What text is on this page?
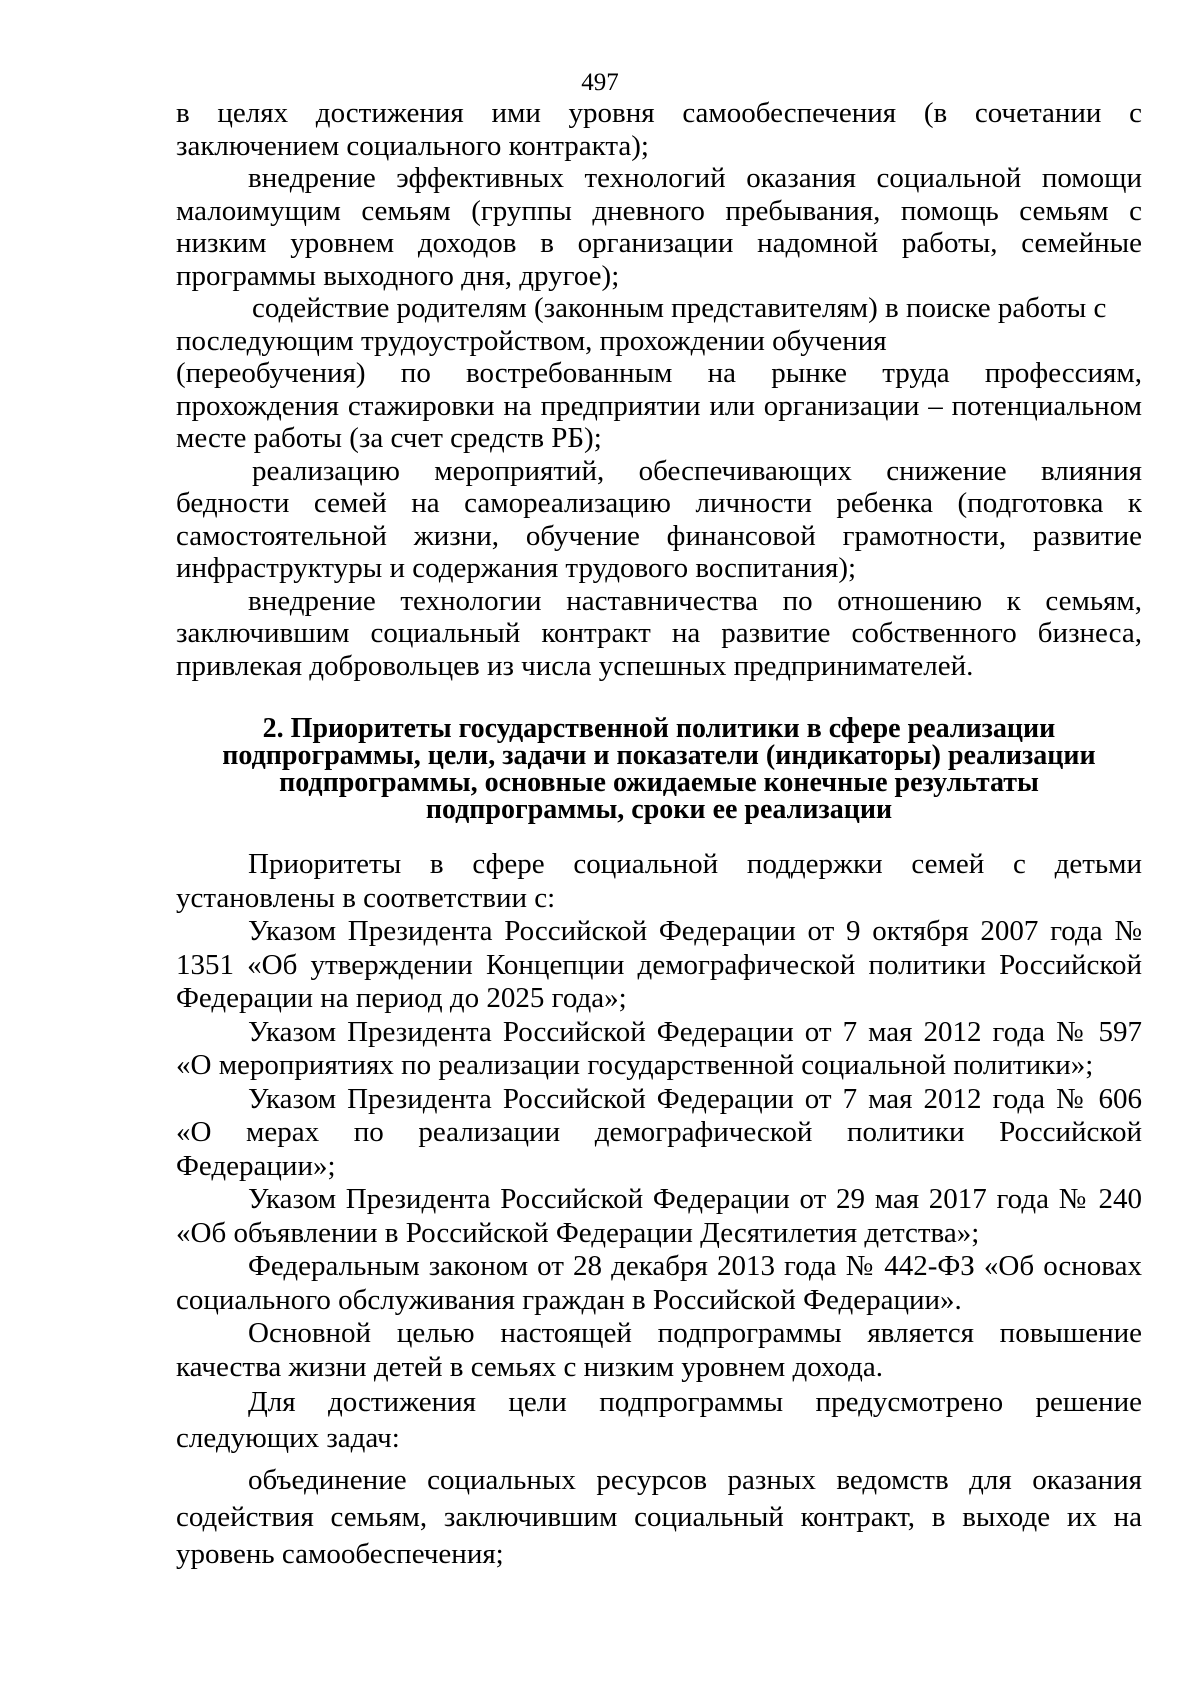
497

в целях достижения ими уровня самообеспечения (в сочетании с заключением социального контракта);

внедрение эффективных технологий оказания социальной помощи малоимущим семьям (группы дневного пребывания, помощь семьям с низким уровнем доходов в организации надомной работы, семейные программы выходного дня, другое);

содействие родителям (законным представителям) в поиске работы с последующим трудоустройством, прохождении обучения

(переобучения) по востребованным на рынке труда профессиям, прохождения стажировки на предприятии или организации – потенциальном месте работы (за счет средств РБ);

реализацию мероприятий, обеспечивающих снижение влияния бедности семей на самореализацию личности ребенка (подготовка к самостоятельной жизни, обучение финансовой грамотности, развитие инфраструктуры и содержания трудового воспитания);

внедрение технологии наставничества по отношению к семьям, заключившим социальный контракт на развитие собственного бизнеса, привлекая добровольцев из числа успешных предпринимателей.

2. Приоритеты государственной политики в сфере реализации

подпрограммы, цели, задачи и показатели (индикаторы) реализации

подпрограммы, основные ожидаемые конечные результаты

подпрограммы, сроки ее реализации

Приоритеты в сфере социальной поддержки семей с детьми установлены в соответствии с:

Указом Президента Российской Федерации от 9 октября 2007 года № 1351 «Об утверждении Концепции демографической политики Российской Федерации на период до 2025 года»;

Указом Президента Российской Федерации от 7 мая 2012 года № 597 «О мероприятиях по реализации государственной социальной политики»;

Указом Президента Российской Федерации от 7 мая 2012 года № 606 «О мерах по реализации демографической политики Российской Федерации»;

Указом Президента Российской Федерации от 29 мая 2017 года № 240 «Об объявлении в Российской Федерации Десятилетия детства»;

Федеральным законом от 28 декабря 2013 года № 442-ФЗ «Об основах социального обслуживания граждан в Российской Федерации».

Основной целью настоящей подпрограммы является повышение качества жизни детей в семьях с низким уровнем дохода.

Для достижения цели подпрограммы предусмотрено решение следующих задач:

объединение социальных ресурсов разных ведомств для оказания содействия семьям, заключившим социальный контракт, в выходе их на уровень самообеспечения;
